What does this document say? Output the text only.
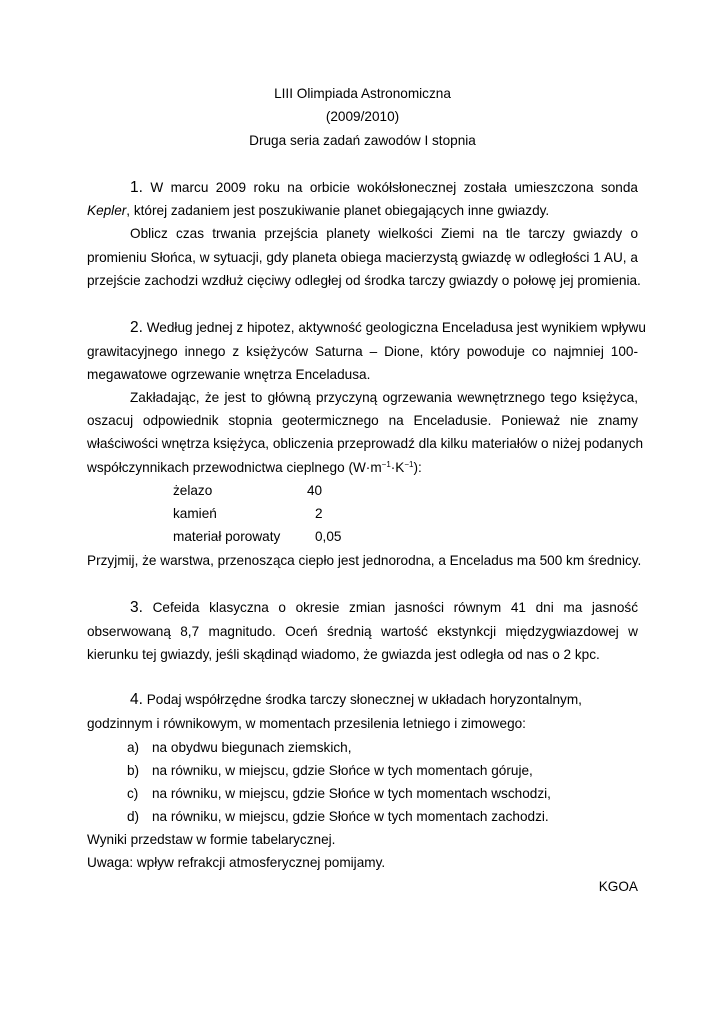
LIII Olimpiada Astronomiczna
(2009/2010)
Druga seria zadań zawodów I stopnia
1. W marcu 2009 roku na orbicie wokółsłonecznej została umieszczona sonda
Kepler, której zadaniem jest poszukiwanie planet obiegających inne gwiazdy.
Oblicz czas trwania przejścia planety wielkości Ziemi na tle tarczy gwiazdy o
promieniu Słońca, w sytuacji, gdy planeta obiega macierzystą gwiazdę w odległości 1 AU, a
przejście zachodzi wzdłuż cięciwy odległej od środka tarczy gwiazdy o połowę jej promienia.
2. Według jednej z hipotez, aktywność geologiczna Enceladusa jest wynikiem wpływu
grawitacyjnego innego z księżyców Saturna – Dione, który powoduje co najmniej 100-
megawatowe ogrzewanie wnętrza Enceladusa.
Zakładając, że jest to główną przyczyną ogrzewania wewnętrznego tego księżyca,
oszacuj odpowiednik stopnia geotermicznego na Enceladusie. Ponieważ nie znamy
właściwości wnętrza księżyca, obliczenia przeprowadź dla kilku materiałów o niżej podanych
współczynnikach przewodnictwa cieplnego $(W\cdot m^{-1}\cdot K^{-1})$:
żelazo	40
kamień	2
materiał porowaty	0,05
Przyjmij, że warstwa, przenosząca ciepło jest jednorodna, a Enceladus ma 500 km średnicy.
3. Cefeida klasyczna o okresie zmian jasności równym 41 dni ma jasność
obserwowaną 8,7 magnitudo. Oceń średnią wartość ekstynkcji międzygwiazdowej w
kierunku tej gwiazdy, jeśli skądinąd wiadomo, że gwiazda jest odległa od nas o 2 kpc.
4. Podaj współrzędne środka tarczy słonecznej w układach horyzontalnym,
godzinnym i równikowym, w momentach przesilenia letniego i zimowego:
a) na obydwu biegunach ziemskich,
b) na równiku, w miejscu, gdzie Słońce w tych momentach góruje,
c) na równiku, w miejscu, gdzie Słońce w tych momentach wschodzi,
d) na równiku, w miejscu, gdzie Słońce w tych momentach zachodzi.
Wyniki przedstaw w formie tabelarycznej.
Uwaga: wpływ refrakcji atmosferycznej pomijamy.
KGOA
